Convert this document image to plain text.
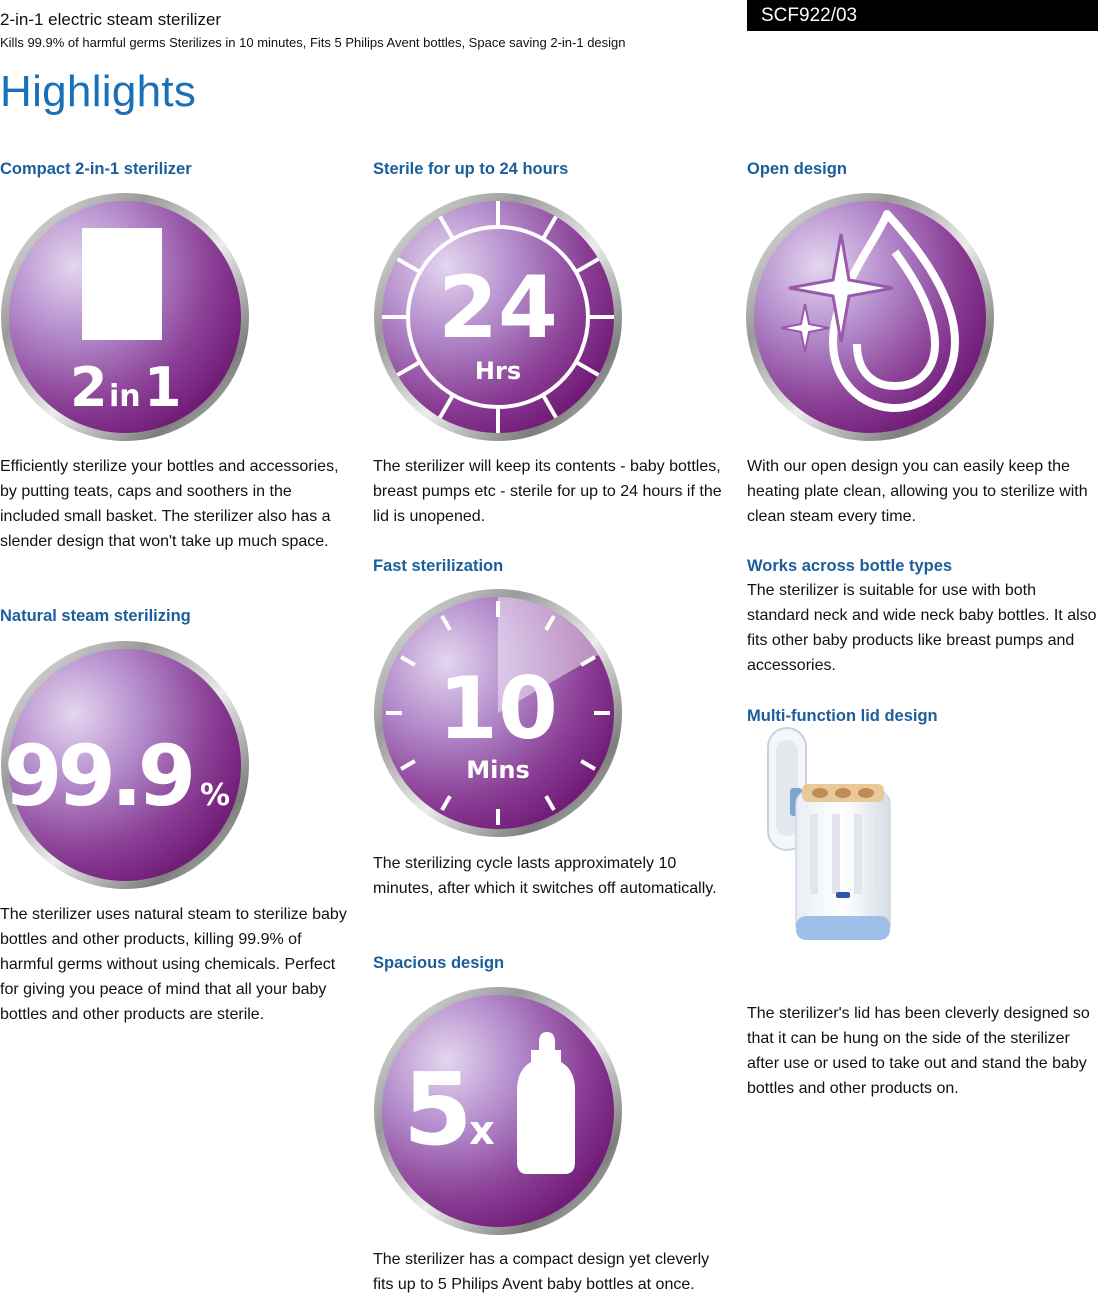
2-in-1 electric steam sterilizer
Kills 99.9% of harmful germs Sterilizes in 10 minutes, Fits 5 Philips Avent bottles, Space saving 2-in-1 design
SCF922/03
Highlights
Compact 2-in-1 sterilizer
2 in 1
Efficiently sterilize your bottles and accessories, by putting teats, caps and soothers in the included small basket. The sterilizer also has a slender design that won't take up much space.
Natural steam sterilizing
99.9 %
The sterilizer uses natural steam to sterilize baby bottles and other products, killing 99.9% of harmful germs without using chemicals. Perfect for giving you peace of mind that all your baby bottles and other products are sterile.
Sterile for up to 24 hours
24
Hrs
The sterilizer will keep its contents - baby bottles, breast pumps etc - sterile for up to 24 hours if the lid is unopened.
Fast sterilization
10
Mins
The sterilizing cycle lasts approximately 10 minutes, after which it switches off automatically.
Spacious design
5
x
The sterilizer has a compact design yet cleverly fits up to 5 Philips Avent baby bottles at once.
Open design
With our open design you can easily keep the heating plate clean, allowing you to sterilize with clean steam every time.
Works across bottle types
The sterilizer is suitable for use with both standard neck and wide neck baby bottles. It also fits other baby products like breast pumps and accessories.
Multi-function lid design
The sterilizer's lid has been cleverly designed so that it can be hung on the side of the sterilizer after use or used to take out and stand the baby bottles and other products on.
